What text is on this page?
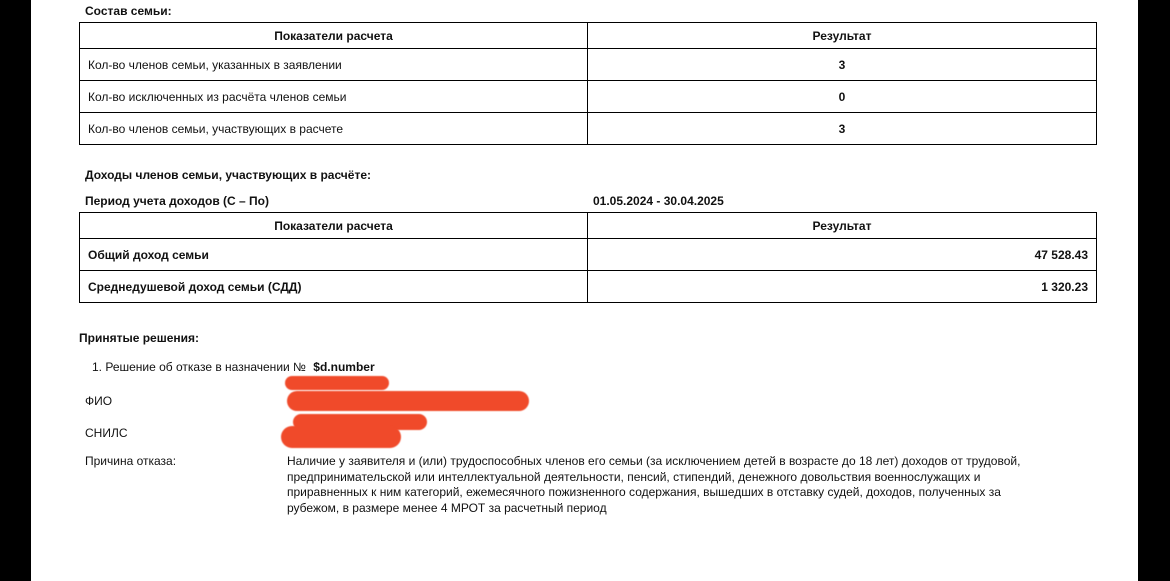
Состав семьи:
Показатели расчета	Результат
Кол-во членов семьи, указанных в заявлении	3
Кол-во исключенных из расчёта членов семьи	0
Кол-во членов семьи, участвующих в расчете	3
Доходы членов семьи, участвующих в расчёте:
Период учета доходов (С – По)	01.05.2024 - 30.04.2025
Показатели расчета	Результат
Общий доход семьи	47 528.43
Среднедушевой доход семьи (СДД)	1 320.23
Принятые решения:
1. Решение об отказе в назначении № $d.number
ФИО
СНИЛС
Причина отказа:	Наличие у заявителя и (или) трудоспособных членов его семьи (за исключением детей в возрасте до 18 лет) доходов от трудовой,
предпринимательской или интеллектуальной деятельности, пенсий, стипендий, денежного довольствия военнослужащих и
приравненных к ним категорий, ежемесячного пожизненного содержания, вышедших в отставку судей, доходов, полученных за
рубежом, в размере менее 4 МРОТ за расчетный период
